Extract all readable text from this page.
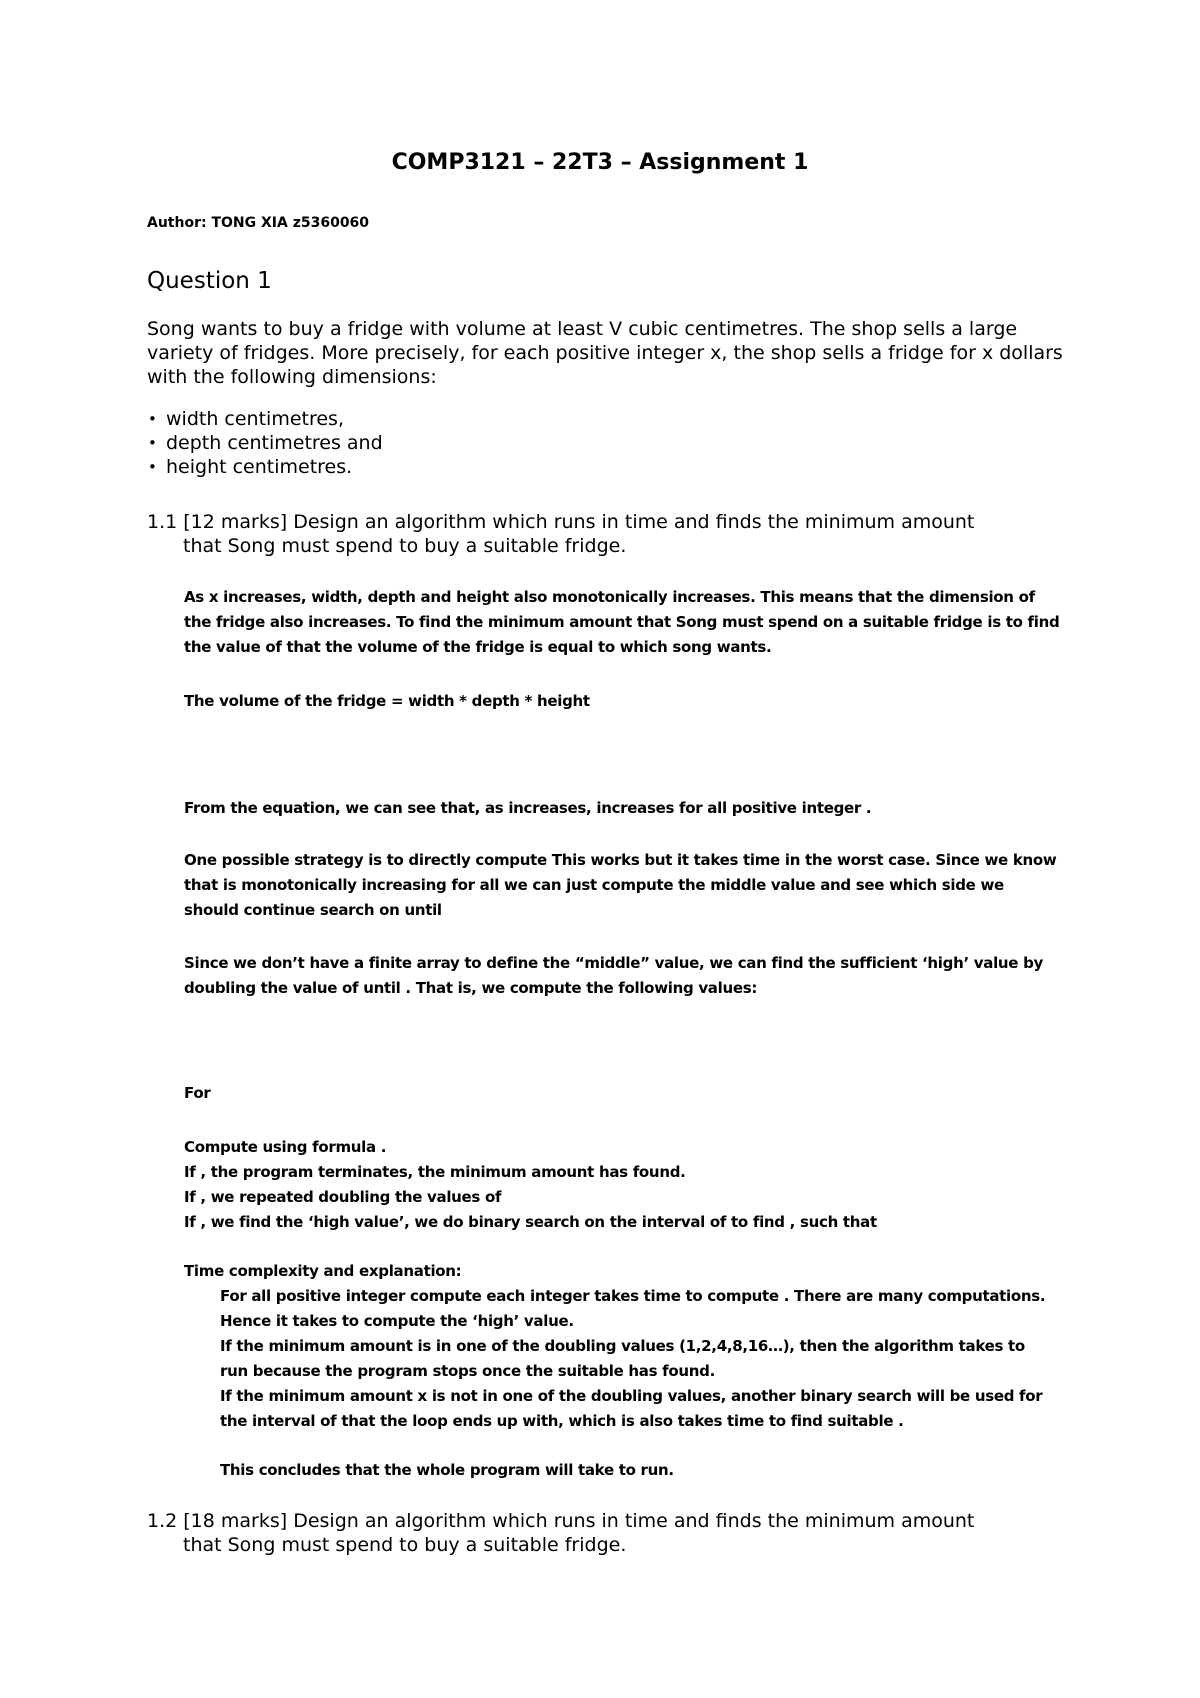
COMP3121 – 22T3 – Assignment 1
Author: TONG XIA z5360060
Question 1

Song wants to buy a fridge with volume at least V cubic centimetres. The shop sells a large variety of fridges. More precisely, for each positive integer x, the shop sells a fridge for x dollars with the following dimensions:

• width centimetres,
• depth centimetres and
• height centimetres.
1.1 [12 marks] Design an algorithm which runs in time and finds the minimum amount
that Song must spend to buy a suitable fridge.
As x increases, width, depth and height also monotonically increases. This means that the dimension of
the fridge also increases. To find the minimum amount that Song must spend on a suitable fridge is to find
the value of that the volume of the fridge is equal to which song wants.
The volume of the fridge = width * depth * height
From the equation, we can see that, as increases, increases for all positive integer .
One possible strategy is to directly compute This works but it takes time in the worst case. Since we know
that is monotonically increasing for all we can just compute the middle value and see which side we
should continue search on until
Since we don’t have a finite array to define the “middle” value, we can find the sufficient ‘high’ value by
doubling the value of until . That is, we compute the following values:
For
Compute using formula .
If , the program terminates, the minimum amount has found.
If , we repeated doubling the values of
If , we find the ‘high value’, we do binary search on the interval of to find , such that
Time complexity and explanation:
For all positive integer compute each integer takes time to compute . There are many computations.
Hence it takes to compute the ‘high’ value.
If the minimum amount is in one of the doubling values (1,2,4,8,16…), then the algorithm takes to
run because the program stops once the suitable has found.
If the minimum amount x is not in one of the doubling values, another binary search will be used for
the interval of that the loop ends up with, which is also takes time to find suitable .
This concludes that the whole program will take to run.
1.2 [18 marks] Design an algorithm which runs in time and finds the minimum amount
that Song must spend to buy a suitable fridge.
